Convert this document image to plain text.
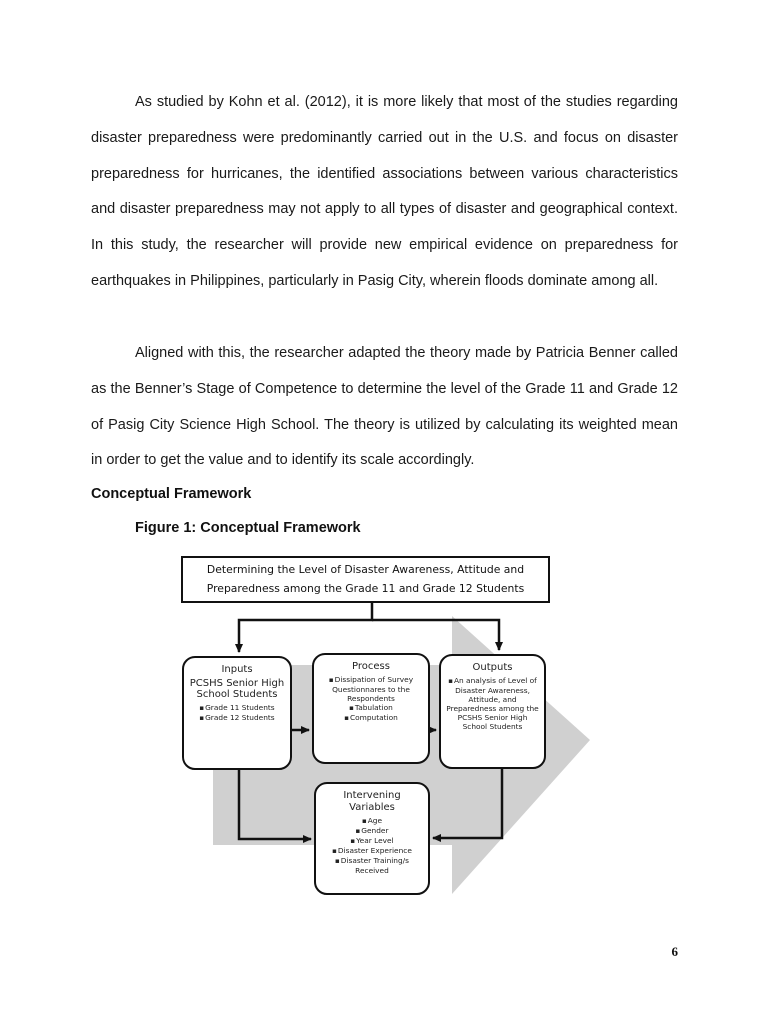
As studied by Kohn et al. (2012), it is more likely that most of the studies regarding disaster preparedness were predominantly carried out in the U.S. and focus on disaster preparedness for hurricanes, the identified associations between various characteristics and disaster preparedness may not apply to all types of disaster and geographical context. In this study, the researcher will provide new empirical evidence on preparedness for earthquakes in Philippines, particularly in Pasig City, wherein floods dominate among all.

Aligned with this, the researcher adapted the theory made by Patricia Benner called as the Benner’s Stage of Competence to determine the level of the Grade 11 and Grade 12 of Pasig City Science High School. The theory is utilized by calculating its weighted mean in order to get the value and to identify its scale accordingly.

Conceptual Framework
Figure 1: Conceptual Framework
Determining the Level of Disaster Awareness, Attitude and
Preparedness among the Grade 11 and Grade 12 Students
Inputs
PCSHS Senior High School Students
▪ Grade 11 Students
▪ Grade 12 Students
Process
▪ Dissipation of Survey Questionnares to the Respondents
▪ Tabulation
▪ Computation
Outputs
▪ An analysis of Level of Disaster Awareness, Attitude, and Preparedness among the PCSHS Senior High School Students
Intervening Variables
▪ Age
▪ Gender
▪ Year Level
▪ Disaster Experience
▪ Disaster Training/s Received
6
